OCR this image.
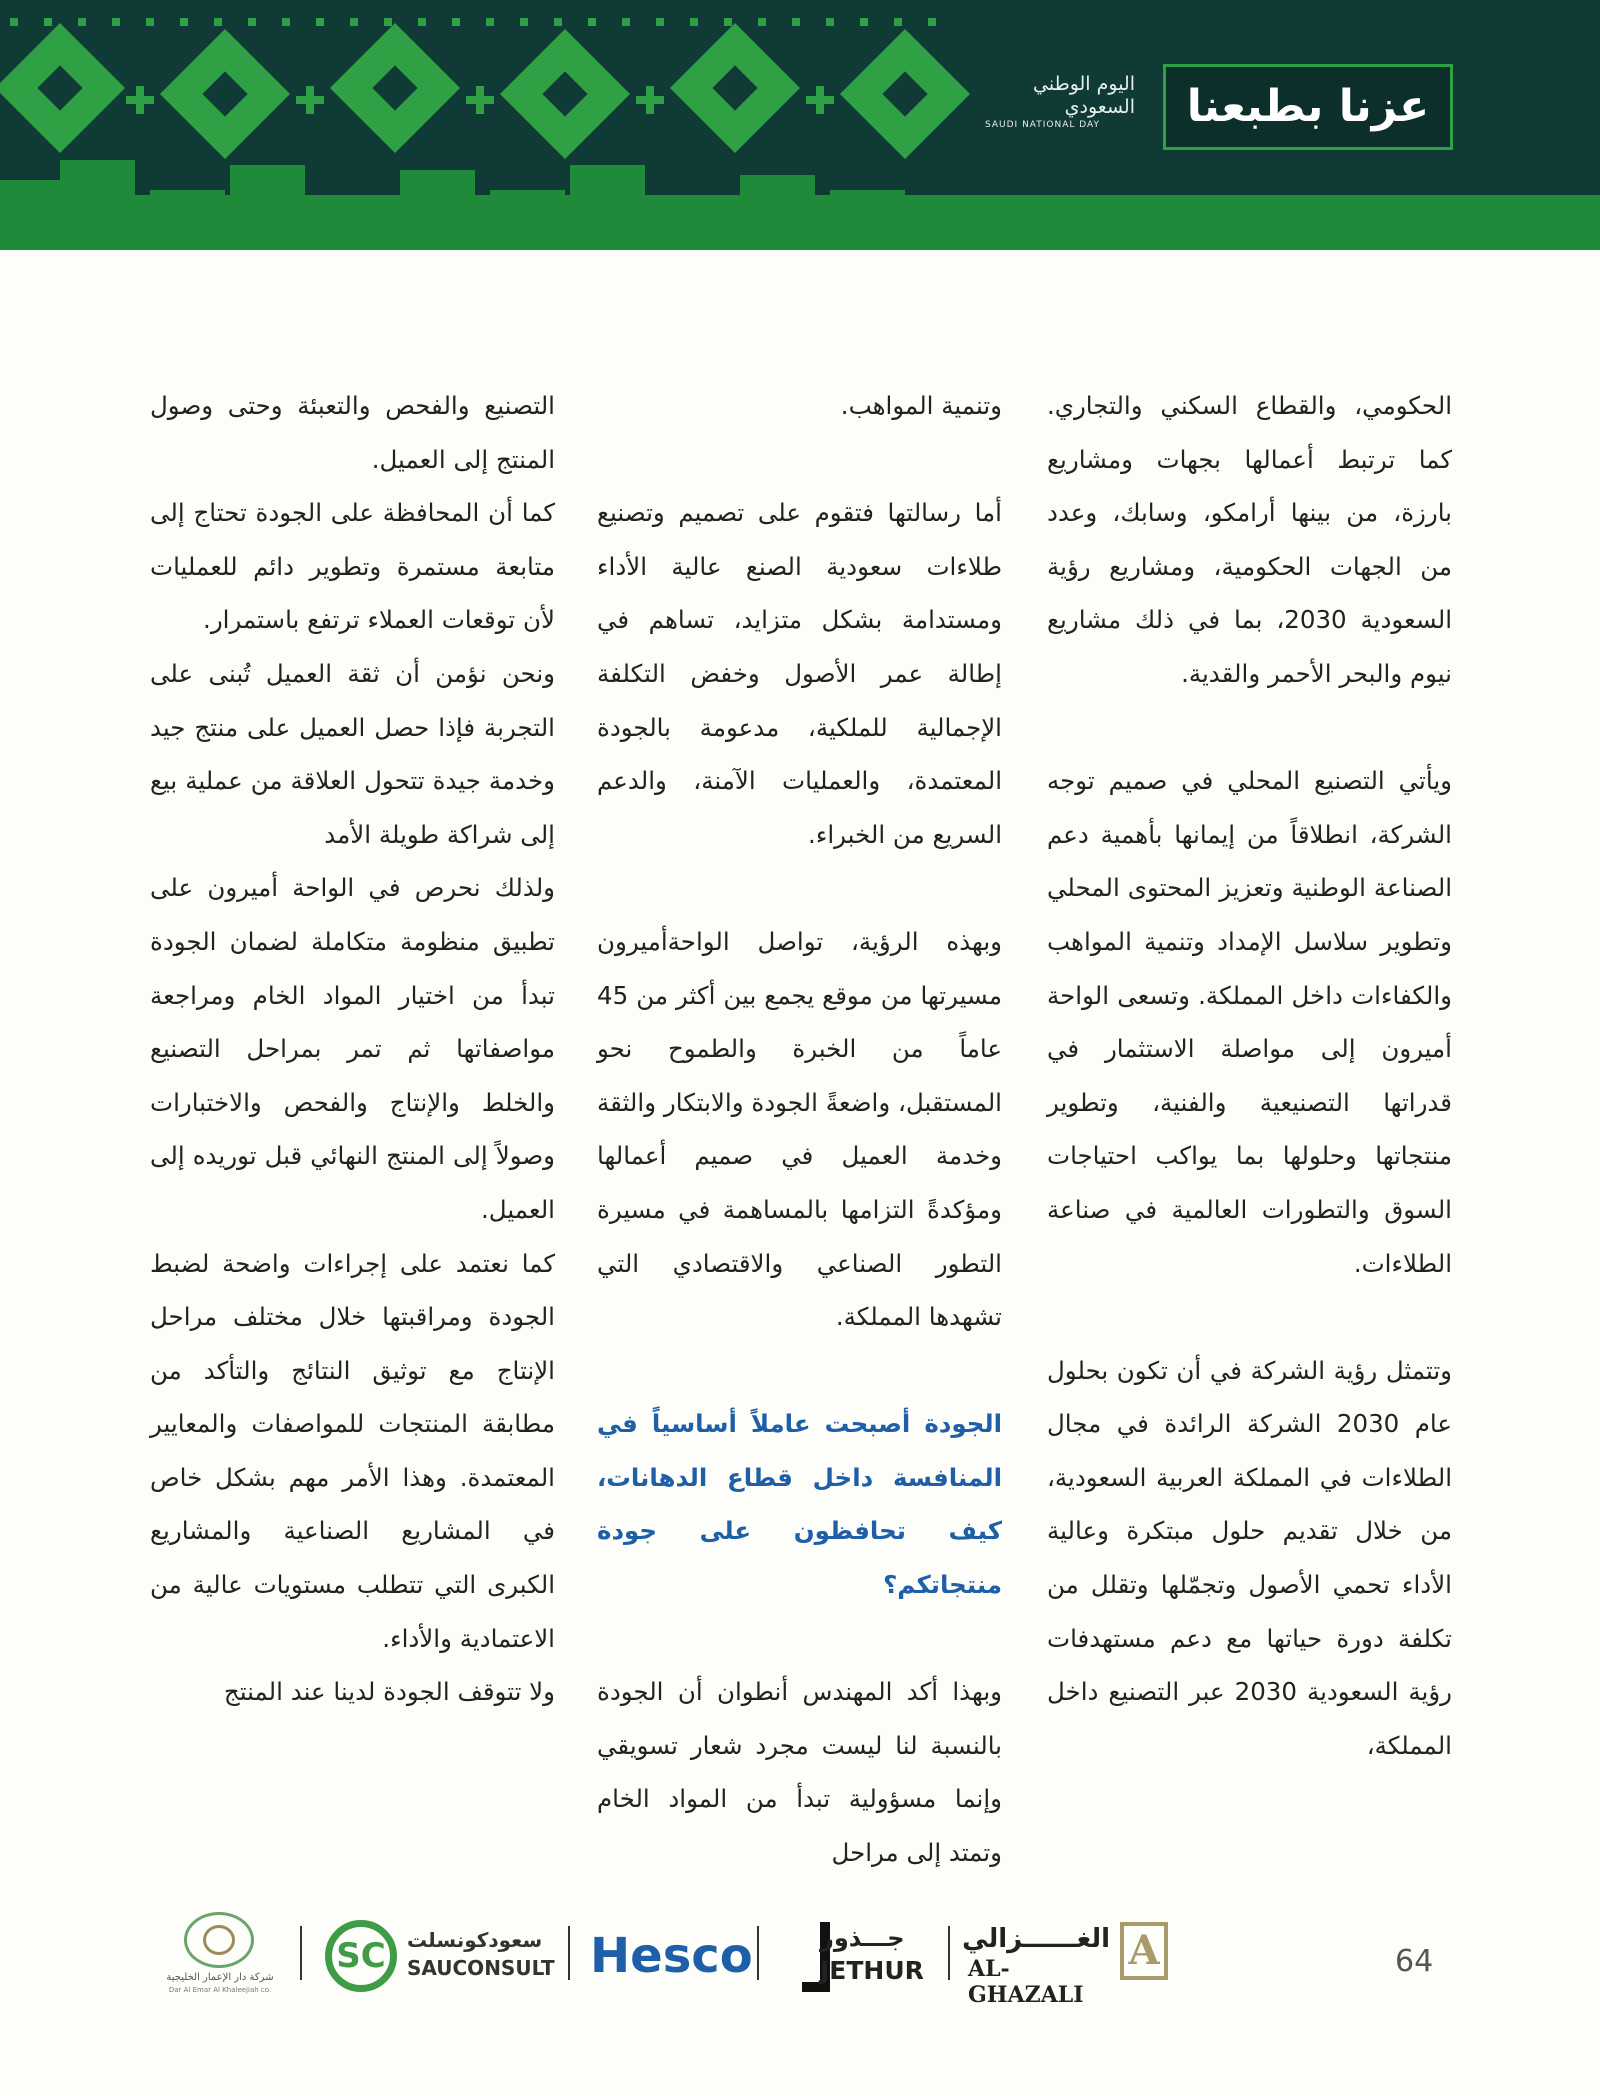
اليوم الوطني
السعودي
SAUDI NATIONAL DAY	عزنا بطبعنا

الحكومي، والقطاع السكني والتجاري. كما ترتبط أعمالها بجهات ومشاريع بارزة، من بينها أرامكو، وسابك، وعدد من الجهات الحكومية، ومشاريع رؤية السعودية 2030، بما في ذلك مشاريع نيوم والبحر الأحمر والقدية.

ويأتي التصنيع المحلي في صميم توجه الشركة، انطلاقاً من إيمانها بأهمية دعم الصناعة الوطنية وتعزيز المحتوى المحلي وتطوير سلاسل الإمداد وتنمية المواهب والكفاءات داخل المملكة. وتسعى الواحة أميرون إلى مواصلة الاستثمار في قدراتها التصنيعية والفنية، وتطوير منتجاتها وحلولها بما يواكب احتياجات السوق والتطورات العالمية في صناعة الطلاءات.

وتتمثل رؤية الشركة في أن تكون بحلول عام 2030 الشركة الرائدة في مجال الطلاءات في المملكة العربية السعودية، من خلال تقديم حلول مبتكرة وعالية الأداء تحمي الأصول وتجمّلها وتقلل من تكلفة دورة حياتها مع دعم مستهدفات رؤية السعودية 2030 عبر التصنيع داخل المملكة،

وتنمية المواهب.

أما رسالتها فتقوم على تصميم وتصنيع طلاءات سعودية الصنع عالية الأداء ومستدامة بشكل متزايد، تساهم في إطالة عمر الأصول وخفض التكلفة الإجمالية للملكية، مدعومة بالجودة المعتمدة، والعمليات الآمنة، والدعم السريع من الخبراء.

وبهذه الرؤية، تواصل الواحةأميرون مسيرتها من موقع يجمع بين أكثر من 45 عاماً من الخبرة والطموح نحو المستقبل، واضعةً الجودة والابتكار والثقة وخدمة العميل في صميم أعمالها ومؤكدةً التزامها بالمساهمة في مسيرة التطور الصناعي والاقتصادي التي تشهدها المملكة.

الجودة أصبحت عاملاً أساسياً في المنافسة داخل قطاع الدهانات، كيف تحافظون على جودة منتجاتكم؟

وبهذا أكد المهندس أنطوان أن الجودة بالنسبة لنا ليست مجرد شعار تسويقي وإنما مسؤولية تبدأ من المواد الخام وتمتد إلى مراحل

التصنيع والفحص والتعبئة وحتى وصول المنتج إلى العميل.

كما أن المحافظة على الجودة تحتاج إلى متابعة مستمرة وتطوير دائم للعمليات لأن توقعات العملاء ترتفع باستمرار.

ونحن نؤمن أن ثقة العميل تُبنى على التجربة فإذا حصل العميل على منتج جيد وخدمة جيدة تتحول العلاقة من عملية بيع إلى شراكة طويلة الأمد

ولذلك نحرص في الواحة أميرون على تطبيق منظومة متكاملة لضمان الجودة تبدأ من اختيار المواد الخام ومراجعة مواصفاتها ثم تمر بمراحل التصنيع والخلط والإنتاج والفحص والاختبارات وصولاً إلى المنتج النهائي قبل توريده إلى العميل.

كما نعتمد على إجراءات واضحة لضبط الجودة ومراقبتها خلال مختلف مراحل الإنتاج مع توثيق النتائج والتأكد من مطابقة المنتجات للمواصفات والمعايير المعتمدة. وهذا الأمر مهم بشكل خاص في المشاريع الصناعية والمشاريع الكبرى التي تتطلب مستويات عالية من الاعتمادية والأداء.

ولا تتوقف الجودة لدينا عند المنتج

64
A
الغــــــزالي
AL-GHAZALI
جـــذور
JETHUR
Hesco
SC	سعودكونسلت
SAUCONSULT
شركة دار الإعمار الخليجية
Dar Al Emar Al Khaleejiah co.
